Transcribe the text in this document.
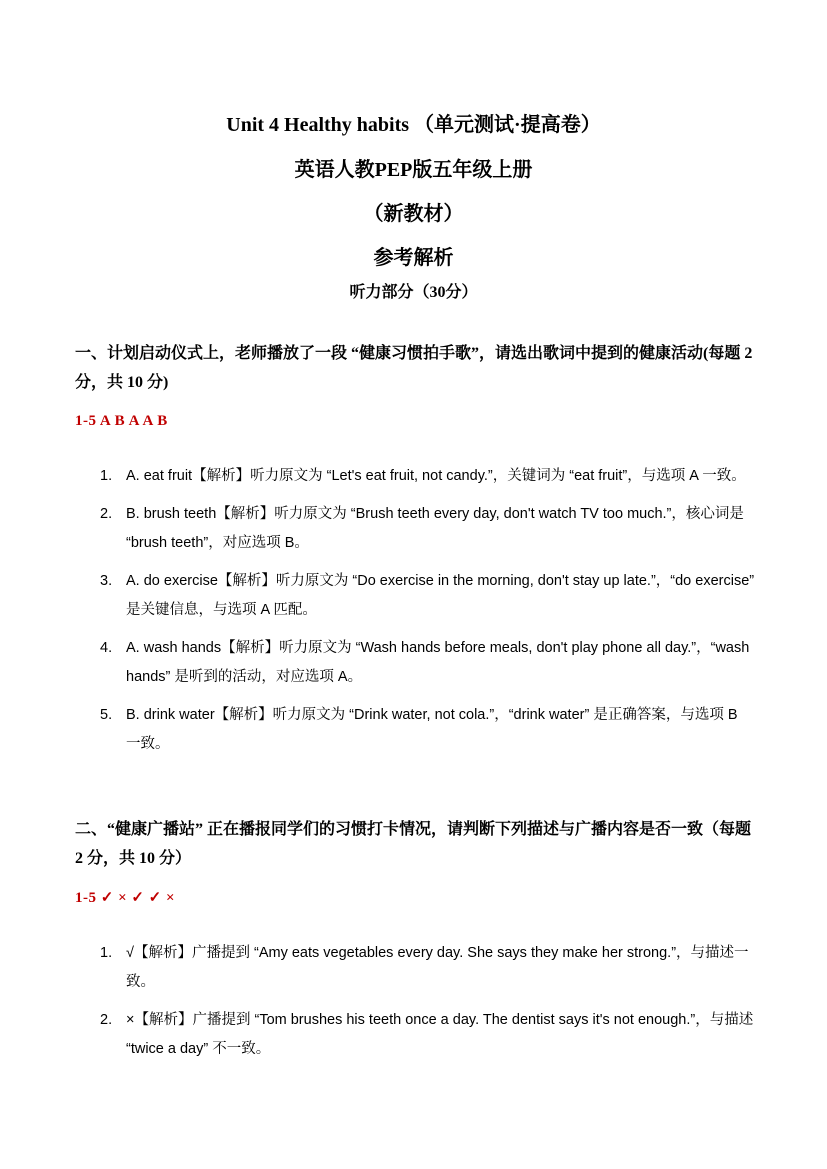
Unit 4 Healthy habits （单元测试·提高卷）
英语人教PEP版五年级上册
（新教材）
参考解析
听力部分（30分）
一、计划启动仪式上，老师播放了一段 “健康习惯拍手歌”，请选出歌词中提到的健康活动(每题 2 分，共 10 分)
1-5 A B A A B
1. A. eat fruit【解析】听力原文为 “Let's eat fruit, not candy.”，关键词为 “eat fruit”，与选项 A 一致。
2. B. brush teeth【解析】听力原文为 “Brush teeth every day, don't watch TV too much.”，核心词是 “brush teeth”，对应选项 B。
3. A. do exercise【解析】听力原文为 “Do exercise in the morning, don't stay up late.”，“do exercise” 是关键信息，与选项 A 匹配。
4. A. wash hands【解析】听力原文为 “Wash hands before meals, don't play phone all day.”，“wash hands” 是听到的活动，对应选项 A。
5. B. drink water【解析】听力原文为 “Drink water, not cola.”，“drink water” 是正确答案，与选项 B 一致。
二、“健康广播站” 正在播报同学们的习惯打卡情况，请判断下列描述与广播内容是否一致（每题 2 分，共 10 分）
1-5 ✓ × ✓ ✓ ×
1. √【解析】广播提到 “Amy eats vegetables every day. She says they make her strong.”，与描述一致。
2. ×【解析】广播提到 “Tom brushes his teeth once a day. The dentist says it's not enough.”，与描述 “twice a day” 不一致。
